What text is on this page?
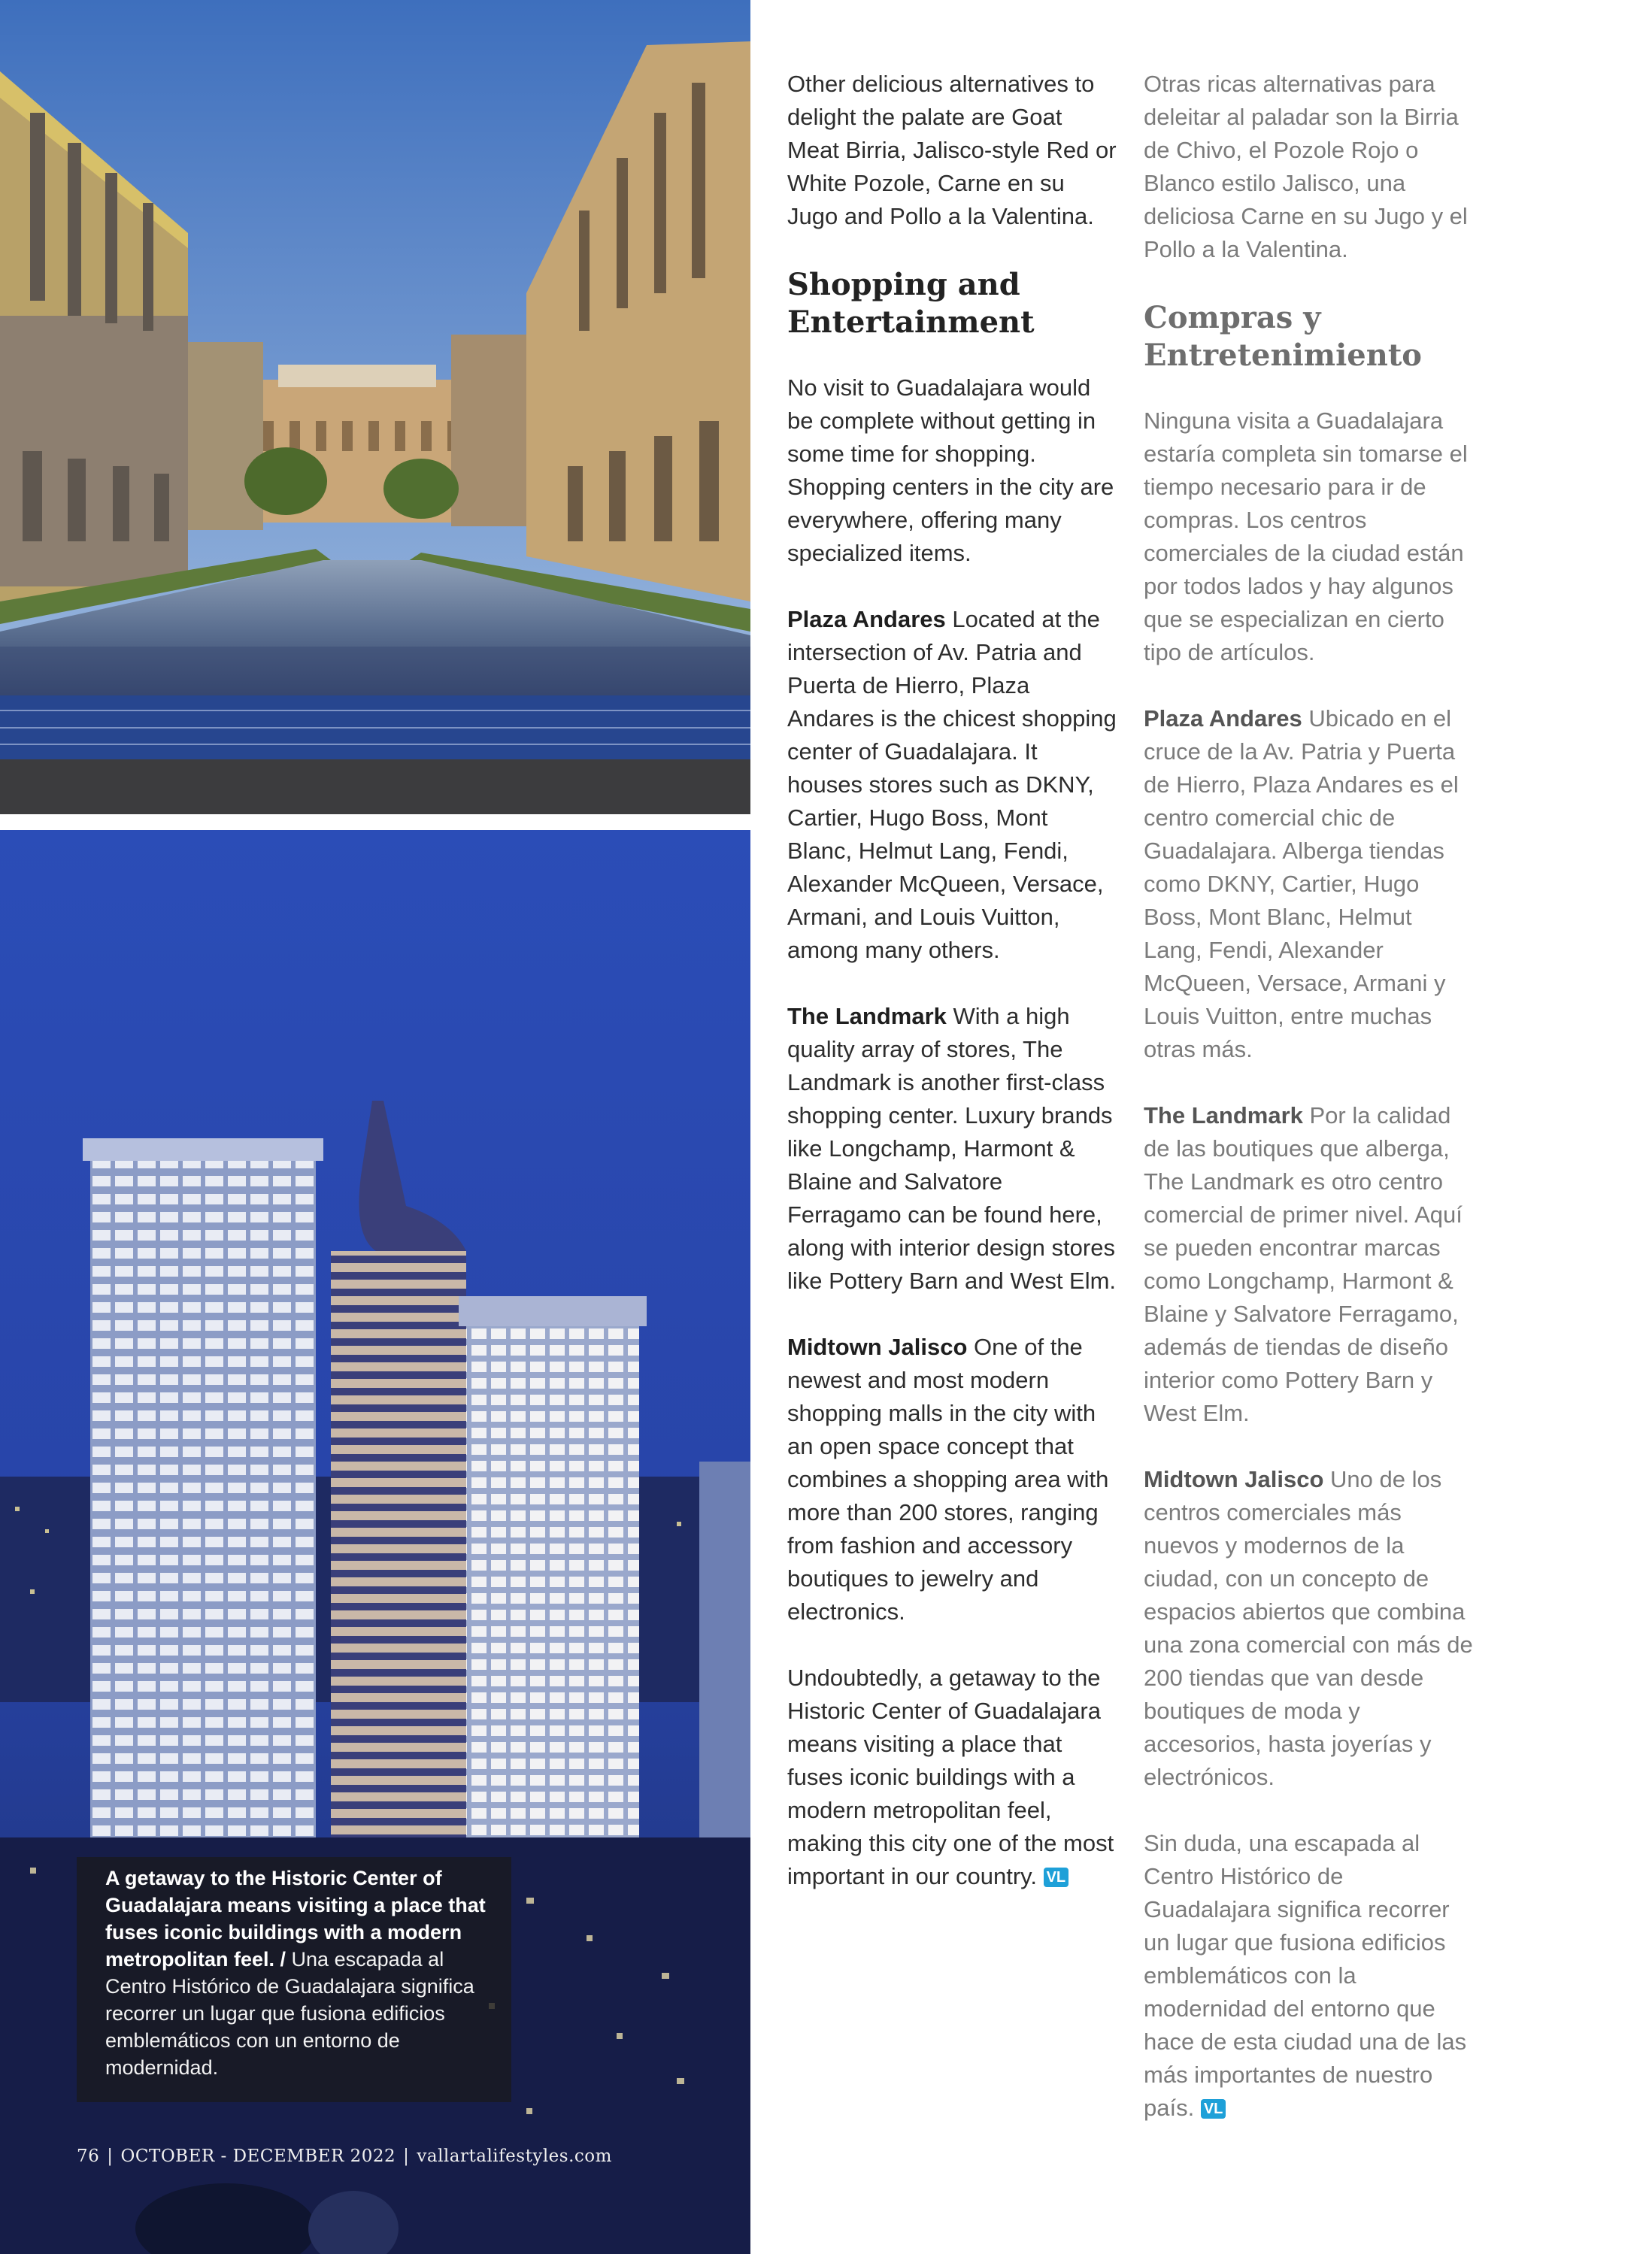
Other delicious alternatives to delight the palate are Goat Meat Birria, Jalisco-style Red or White Pozole, Carne en su Jugo and Pollo a la Valentina.

Shopping and Entertainment

No visit to Guadalajara would be complete without getting in some time for shopping. Shopping centers in the city are everywhere, offering many specialized items.

Plaza Andares Located at the intersection of Av. Patria and Puerta de Hierro, Plaza Andares is the chicest shopping center of Guadalajara. It houses stores such as DKNY, Cartier, Hugo Boss, Mont Blanc, Helmut Lang, Fendi, Alexander McQueen, Versace, Armani, and Louis Vuitton, among many others.

The Landmark With a high quality array of stores, The Landmark is another first-class shopping center. Luxury brands like Longchamp, Harmont & Blaine and Salvatore Ferragamo can be found here, along with interior design stores like Pottery Barn and West Elm.

Midtown Jalisco One of the newest and most modern shopping malls in the city with an open space concept that combines a shopping area with more than 200 stores, ranging from fashion and accessory boutiques to jewelry and electronics.

Undoubtedly, a getaway to the Historic Center of Guadalajara means visiting a place that fuses iconic buildings with a modern metropolitan feel, making this city one of the most important in our country. VL

Otras ricas alternativas para deleitar al paladar son la Birria de Chivo, el Pozole Rojo o Blanco estilo Jalisco, una deliciosa Carne en su Jugo y el Pollo a la Valentina.

Compras y Entretenimiento

Ninguna visita a Guadalajara estaría completa sin tomarse el tiempo necesario para ir de compras. Los centros comerciales de la ciudad están por todos lados y hay algunos que se especializan en cierto tipo de artículos.

Plaza Andares Ubicado en el cruce de la Av. Patria y Puerta de Hierro, Plaza Andares es el centro comercial chic de Guadalajara. Alberga tiendas como DKNY, Cartier, Hugo Boss, Mont Blanc, Helmut Lang, Fendi, Alexander McQueen, Versace, Armani y Louis Vuitton, entre muchas otras más.

The Landmark Por la calidad de las boutiques que alberga, The Landmark es otro centro comercial de primer nivel. Aquí se pueden encontrar marcas como Longchamp, Harmont & Blaine y Salvatore Ferragamo, además de tiendas de diseño interior como Pottery Barn y West Elm.

Midtown Jalisco Uno de los centros comerciales más nuevos y modernos de la ciudad, con un concepto de espacios abiertos que combina una zona comercial con más de 200 tiendas que van desde boutiques de moda y accesorios, hasta joyerías y electrónicos.

Sin duda, una escapada al Centro Histórico de Guadalajara significa recorrer un lugar que fusiona edificios emblemáticos con la modernidad del entorno que hace de esta ciudad una de las más importantes de nuestro país. VL

A getaway to the Historic Center of Guadalajara means visiting a place that fuses iconic buildings with a modern metropolitan feel. / Una escapada al Centro Histórico de Guadalajara significa recorrer un lugar que fusiona edificios emblemáticos con un entorno de modernidad.
76 | OCTOBER - DECEMBER 2022 | vallartalifestyles.com
